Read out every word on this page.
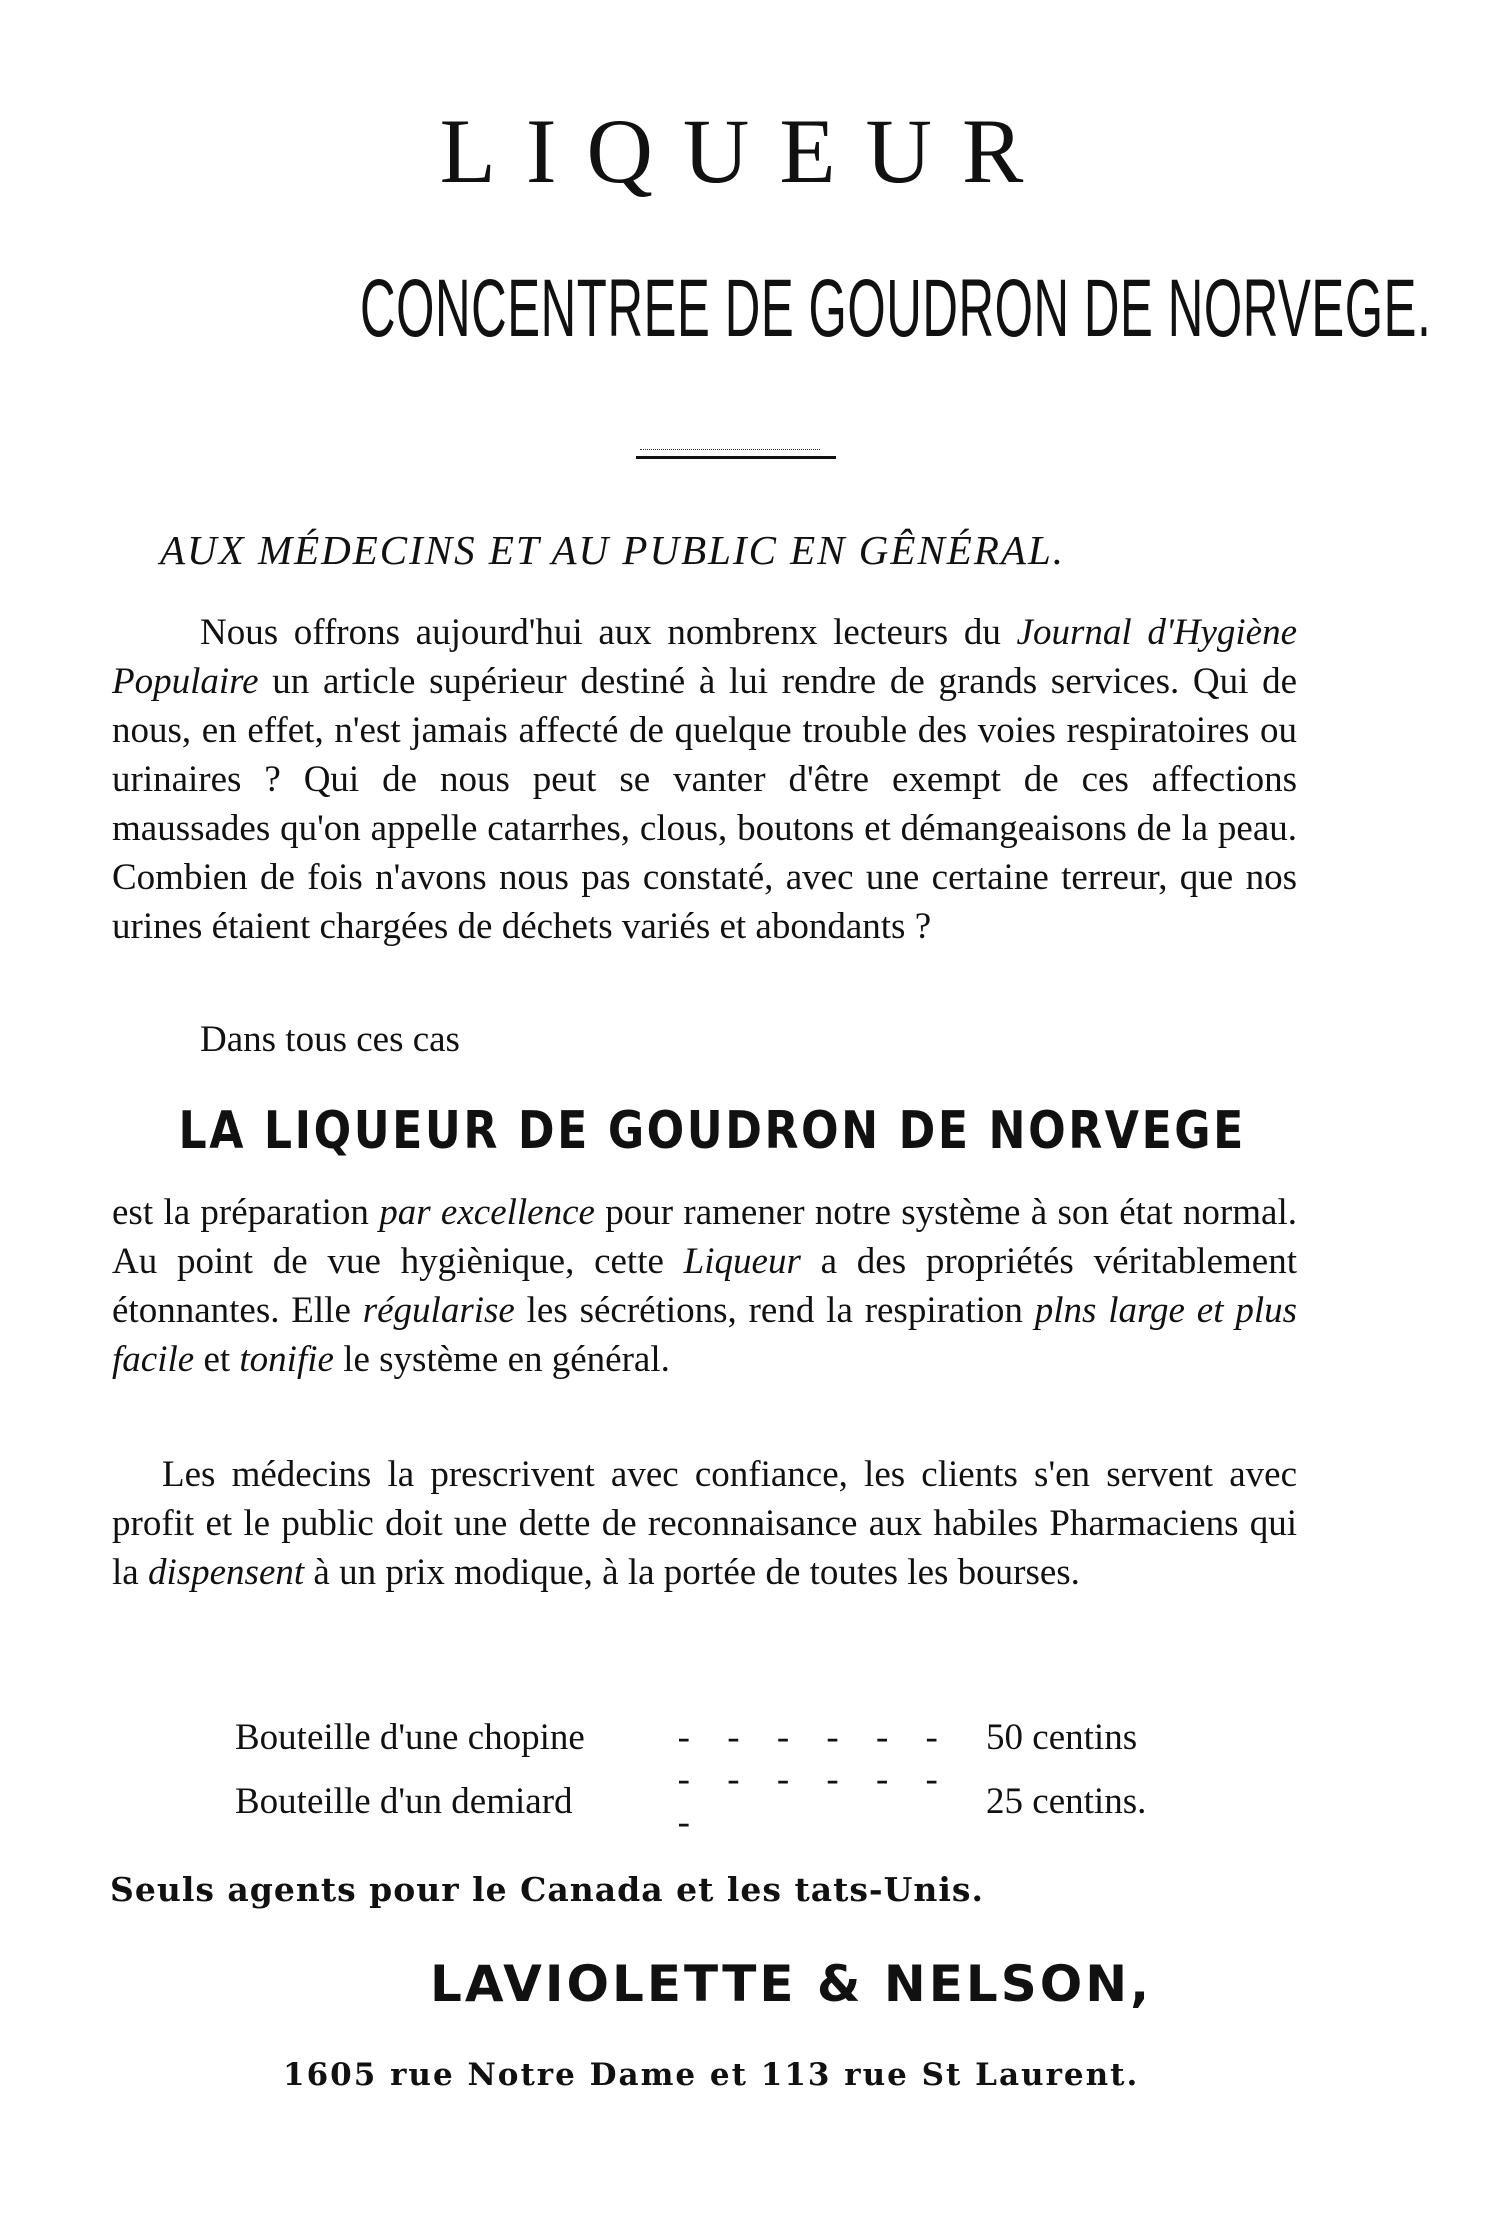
LIQUEUR
CONCENTREE DE GOUDRON DE NORVEGE.
AUX MÉDECINS ET AU PUBLIC EN GÊNÉRAL.

Nous offrons aujourd'hui aux nombrenx lecteurs du Journal d'Hygiène Populaire un article supérieur destiné à lui rendre de grands services. Qui de nous, en effet, n'est jamais affecté de quelque trouble des voies respiratoires ou urinaires ? Qui de nous peut se vanter d'être exempt de ces affections maussades qu'on appelle catarrhes, clous, boutons et démangeaisons de la peau. Combien de fois n'avons nous pas constaté, avec une certaine terreur, que nos urines étaient chargées de déchets variés et abondants ?

Dans tous ces cas

LA LIQUEUR DE GOUDRON DE NORVEGE

est la préparation par excellence pour ramener notre système à son état normal. Au point de vue hygiènique, cette Liqueur a des propriétés véritablement étonnantes. Elle régularise les sécrétions, rend la respiration plns large et plus facile et tonifie le système en général.

Les médecins la prescrivent avec confiance, les clients s'en servent avec profit et le public doit une dette de reconnaisance aux habiles Pharmaciens qui la dispensent à un prix modique, à la portée de toutes les bourses.

Bouteille d'une chopine	- - - - - - 50 centins
Bouteille d'un demiard
- - - - - - -
25 centins.
Seuls agents pour le Canada et les tats-Unis.
LAVIOLETTE & NELSON,
1605 rue Notre Dame et 113 rue St Laurent.
